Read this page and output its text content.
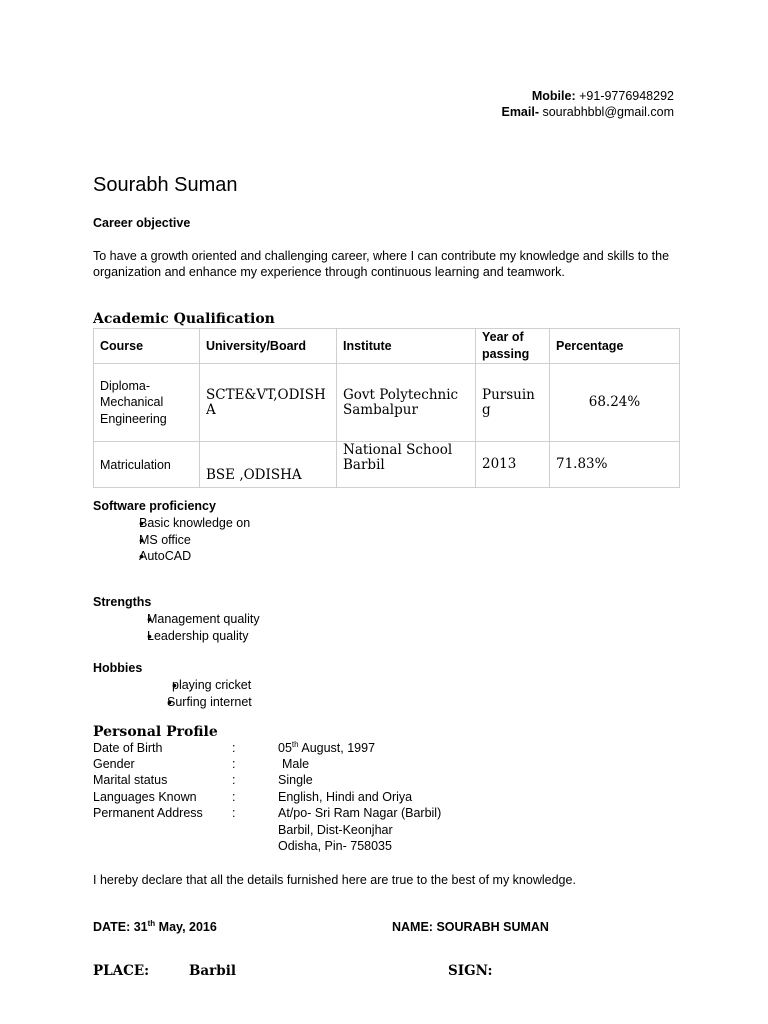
Mobile: +91-9776948292
Email- sourabhbbl@gmail.com
Sourabh Suman
Career objective
To have a growth oriented and challenging career, where I can contribute my knowledge and skills to the organization and enhance my experience through continuous learning and teamwork.
Academic Qualification
Course	University/Board	Institute	Year of passing	Percentage
Diploma-Mechanical Engineering	SCTE&VT,ODISHA	Govt Polytechnic Sambalpur	Pursuing	68.24%
Matriculation	BSE ,ODISHA	National School Barbil	2013	71.83%
Software proficiency
• Basic knowledge on
• MS office
• AutoCAD
Strengths
• Management quality
• Leadership quality
Hobbies
• playing cricket
• Surfing internet
Personal Profile
Date of Birth	:	05th August, 1997
Gender	:	Male
Marital status	:	Single
Languages Known	:	English, Hindi and Oriya
Permanent Address :	At/po- Sri Ram Nagar (Barbil)
Barbil, Dist-Keonjhar
Odisha, Pin- 758035
I hereby declare that all the details furnished here are true to the best of my knowledge.
DATE: 31th May, 2016	NAME: SOURABH SUMAN
PLACE:	Barbil	SIGN:
